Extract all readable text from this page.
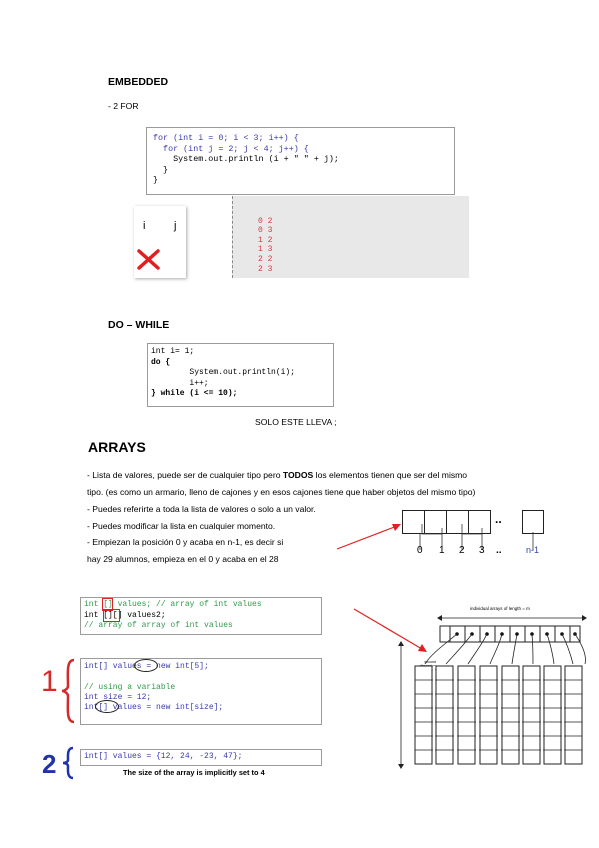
EMBEDDED
- 2 FOR
for (int i = 0; i < 3; i++) {
for (int j = 2; j < 4; j++) {
System.out.println (i + " " + j);
}
}
i	j	0 2
0 3
1 2
1 3
2 2
2 3
DO – WHILE
int i= 1;
do {
System.out.println(i);
i++;
} while (i <= 10);
SOLO ESTE LLEVA ;
ARRAYS
- Lista de valores, puede ser de cualquier tipo pero TODOS los elementos tienen que ser del mismo
tipo. (es como un armario, lleno de cajones y en esos cajones tiene que haber objetos del mismo tipo)
- Puedes referirte a toda la lista de valores o solo a un valor.
- Puedes modificar la lista en cualquier momento.
- Empiezan la posición 0 y acaba en n-1, es decir si
hay 29 alumnos, empieza en el 0 y acaba en el 28
..
0 1 2 3 ..	n-1
int [] values; // array of int values
int [][] values2;
// array of array of int values
1	int[] values = new int[5];

// using a variable
int size = 12;
int[] values = new int[size];
2	int[] values = {12, 24, -23, 47};
The size of the array is implicitly set to 4
individual arrays of length = m
second
